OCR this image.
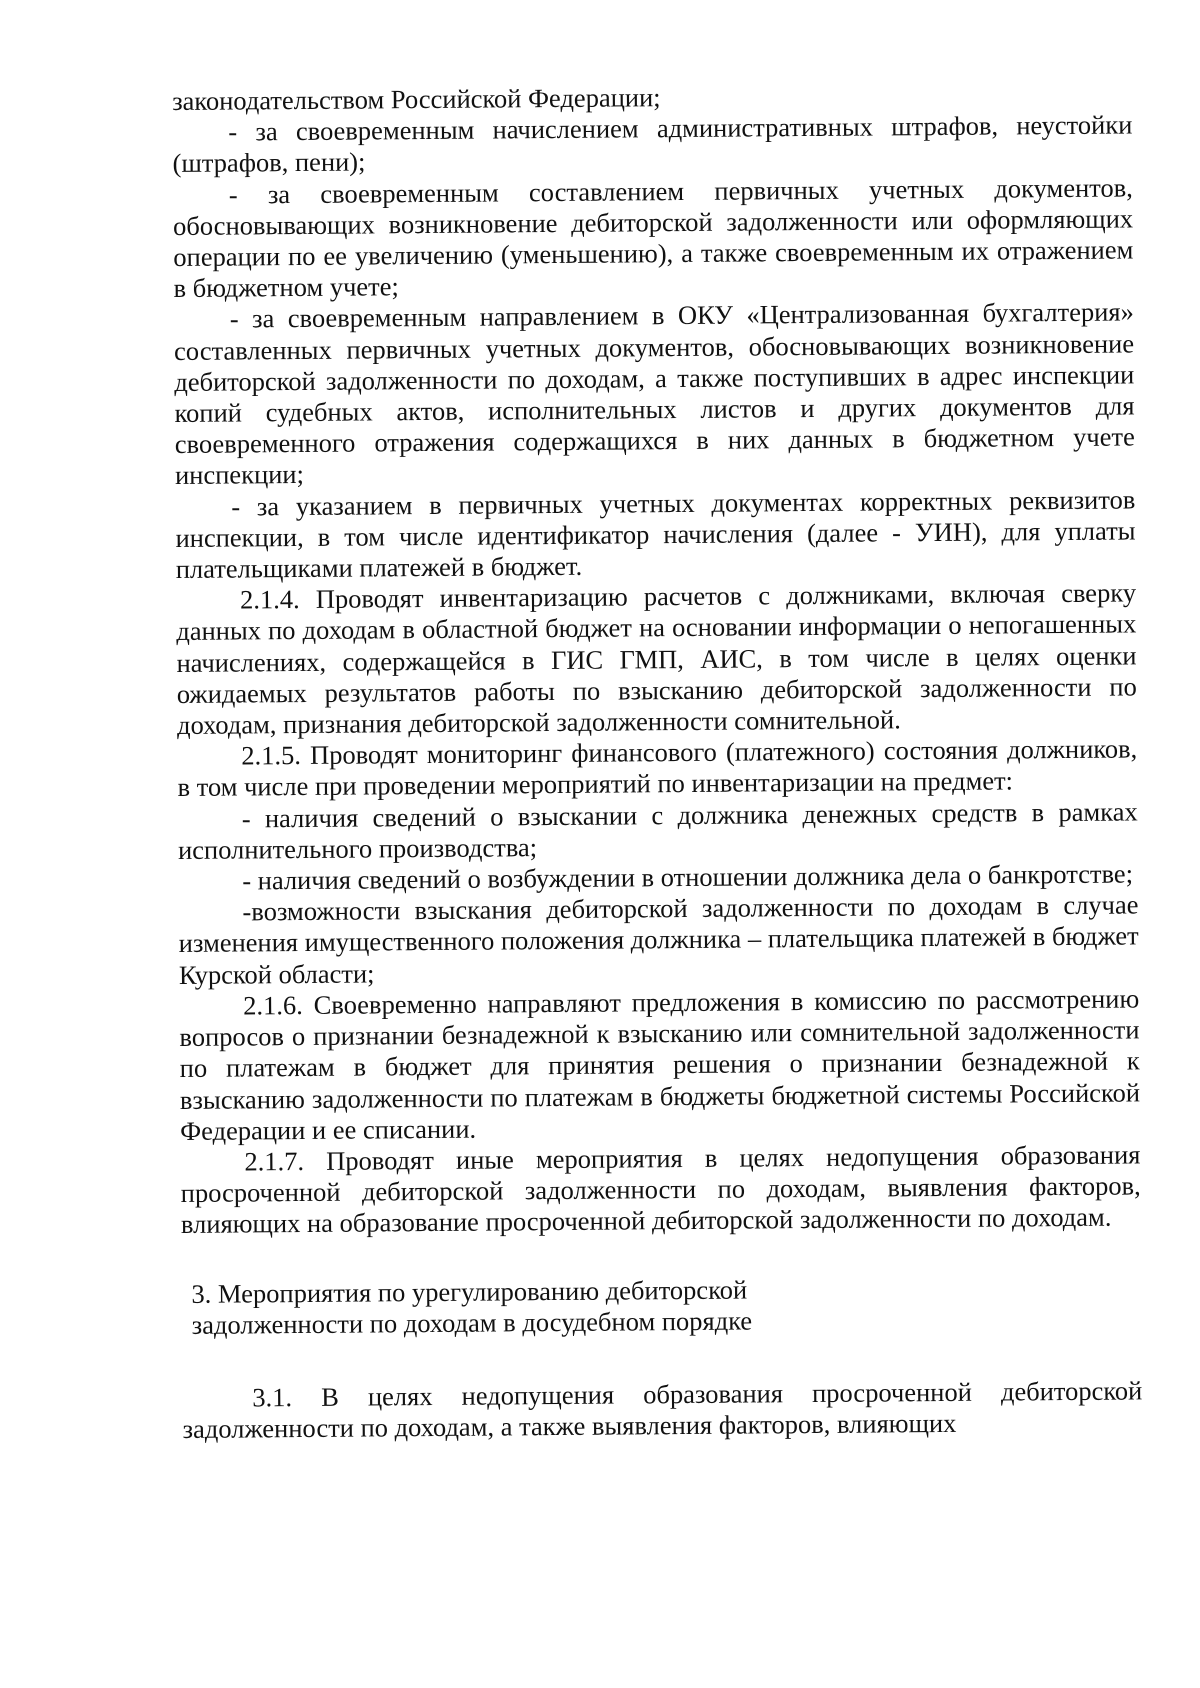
законодательством Российской Федерации;

- за своевременным начислением административных штрафов, неустойки (штрафов, пени);

- за своевременным составлением первичных учетных документов, обосновывающих возникновение дебиторской задолженности или оформляющих операции по ее увеличению (уменьшению), а также своевременным их отражением в бюджетном учете;

- за своевременным направлением в ОКУ «Централизованная бухгалтерия» составленных первичных учетных документов, обосновывающих возникновение дебиторской задолженности по доходам, а также поступивших в адрес инспекции копий судебных актов, исполнительных листов и других документов для своевременного отражения содержащихся в них данных в бюджетном учете инспекции;

- за указанием в первичных учетных документах корректных реквизитов инспекции, в том числе идентификатор начисления (далее - УИН), для уплаты плательщиками платежей в бюджет.

2.1.4. Проводят инвентаризацию расчетов с должниками, включая сверку данных по доходам в областной бюджет на основании информации о непогашенных начислениях, содержащейся в ГИС ГМП, АИС, в том числе в целях оценки ожидаемых результатов работы по взысканию дебиторской задолженности по доходам, признания дебиторской задолженности сомнительной.

2.1.5. Проводят мониторинг финансового (платежного) состояния должников, в том числе при проведении мероприятий по инвентаризации на предмет:

- наличия сведений о взыскании с должника денежных средств в рамках исполнительного производства;

- наличия сведений о возбуждении в отношении должника дела о банкротстве;

-возможности взыскания дебиторской задолженности по доходам в случае изменения имущественного положения должника – плательщика платежей в бюджет Курской области;

2.1.6. Своевременно направляют предложения в комиссию по рассмотрению вопросов о признании безнадежной к взысканию или сомнительной задолженности по платежам в бюджет для принятия решения о признании безнадежной к взысканию задолженности по платежам в бюджеты бюджетной системы Российской Федерации и ее списании.

2.1.7. Проводят иные мероприятия в целях недопущения образования просроченной дебиторской задолженности по доходам, выявления факторов, влияющих на образование просроченной дебиторской задолженности по доходам.

3. Мероприятия по урегулированию дебиторской
задолженности по доходам в досудебном порядке

3.1. В целях недопущения образования просроченной дебиторской задолженности по доходам, а также выявления факторов, влияющих
